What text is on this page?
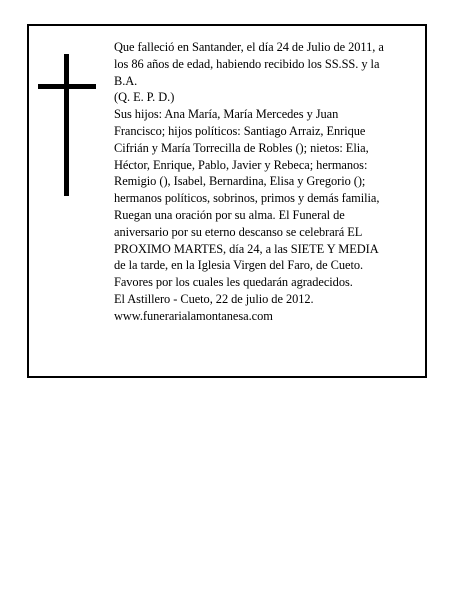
Que falleció en Santander, el día 24 de Julio de 2011, a

los 86 años de edad, habiendo recibido los SS.SS. y la

B.A.

(Q. E. P. D.)

Sus hijos: Ana María, María Mercedes y Juan

Francisco; hijos políticos: Santiago Arraiz, Enrique

Cifrián y María Torrecilla de Robles (); nietos: Elia,

Héctor, Enrique, Pablo, Javier y Rebeca; hermanos:

Remigio (), Isabel, Bernardina, Elisa y Gregorio ();

hermanos políticos, sobrinos, primos y demás familia,

Ruegan una oración por su alma. El Funeral de

aniversario por su eterno descanso se celebrará EL

PROXIMO MARTES, día 24, a las SIETE Y MEDIA

de la tarde, en la Iglesia Virgen del Faro, de Cueto.

Favores por los cuales les quedarán agradecidos.

El Astillero - Cueto, 22 de julio de 2012.

www.funerarialamontanesa.com
